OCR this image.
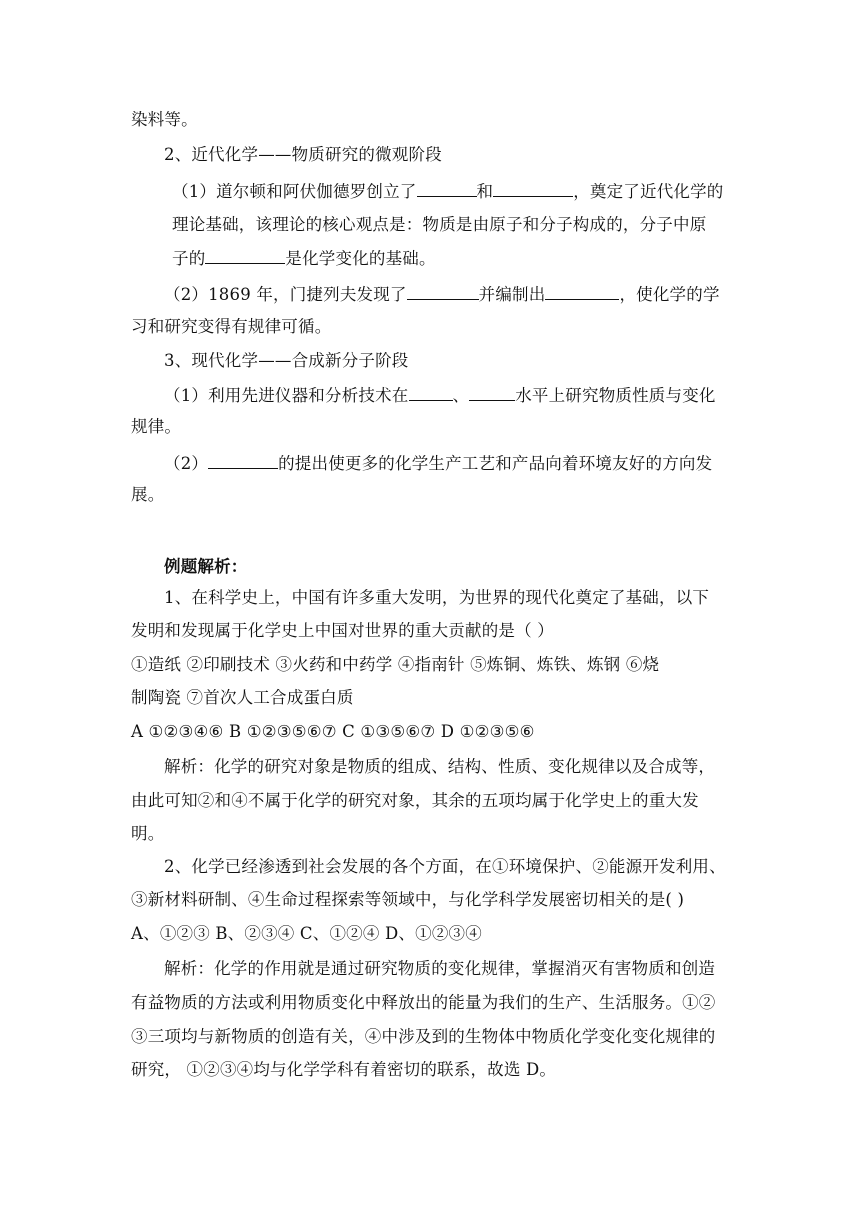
染料等。
2、近代化学——物质研究的微观阶段
（1）道尔顿和阿伏伽德罗创立了	和	，奠定了近代化学的
理论基础，该理论的核心观点是：物质是由原子和分子构成的，分子中原
子的	是化学变化的基础。
（2）1869 年，门捷列夫发现了	并编制出	，使化学的学
习和研究变得有规律可循。
3、现代化学——合成新分子阶段
（1）利用先进仪器和分析技术在	、	水平上研究物质性质与变化
规律。
（2）	的提出使更多的化学生产工艺和产品向着环境友好的方向发
展。
例题解析：
1、在科学史上，中国有许多重大发明，为世界的现代化奠定了基础，以下
发明和发现属于化学史上中国对世界的重大贡献的是（ ）
①造纸 ②印刷技术 ③火药和中药学 ④指南针 ⑤炼铜、炼铁、炼钢 ⑥烧
制陶瓷 ⑦首次人工合成蛋白质
A ①②③④⑥ B ①②③⑤⑥⑦ C ①③⑤⑥⑦ D ①②③⑤⑥
解析：化学的研究对象是物质的组成、结构、性质、变化规律以及合成等，
由此可知②和④不属于化学的研究对象，其余的五项均属于化学史上的重大发
明。
2、化学已经渗透到社会发展的各个方面，在①环境保护、②能源开发利用、
③新材料研制、④生命过程探索等领域中，与化学科学发展密切相关的是( )
A、①②③ B、②③④ C、①②④ D、①②③④
解析：化学的作用就是通过研究物质的变化规律，掌握消灭有害物质和创造
有益物质的方法或利用物质变化中释放出的能量为我们的生产、生活服务。①②
③三项均与新物质的创造有关，④中涉及到的生物体中物质化学变化变化规律的
研究， ①②③④均与化学学科有着密切的联系，故选 D。
